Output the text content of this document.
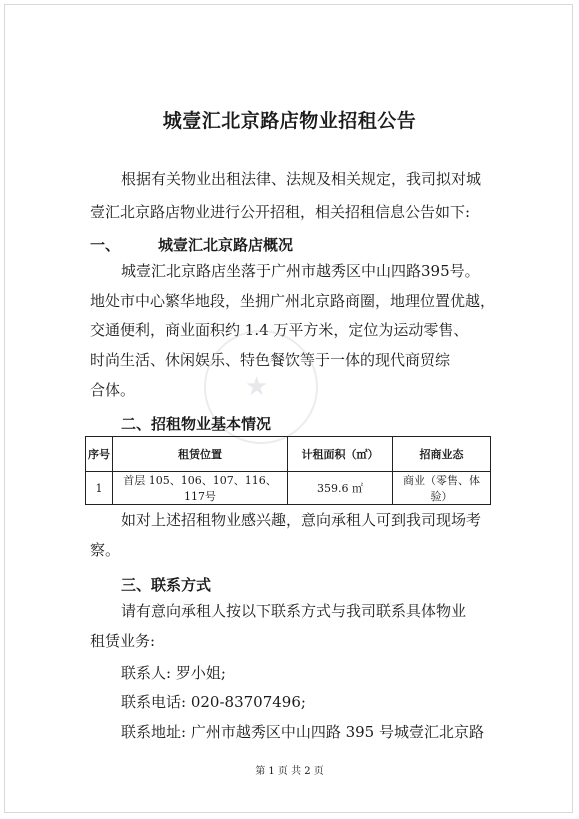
城壹汇北京路店物业招租公告
根据有关物业出租法律、法规及相关规定，我司拟对城
壹汇北京路店物业进行公开招租，相关招租信息公告如下:
一、	城壹汇北京路店概况
城壹汇北京路店坐落于广州市越秀区中山四路395号。
地处市中心繁华地段，坐拥广州北京路商圈，地理位置优越，
交通便利，商业面积约 1.4 万平方米，定位为运动零售、
时尚生活、休闲娱乐、特色餐饮等于一体的现代商贸综
合体。	★
二、招租物业基本情况
序号	租赁位置	计租面积（㎡）	招商业态
1	首层 105、106、107、116、117号	359.6 ㎡	商业（零售、体验）
如对上述招租物业感兴趣，意向承租人可到我司现场考
察。
三、联系方式
请有意向承租人按以下联系方式与我司联系具体物业
租赁业务:
联系人: 罗小姐;
联系电话: 020-83707496;
联系地址: 广州市越秀区中山四路 395 号城壹汇北京路
第 1 页 共 2 页
